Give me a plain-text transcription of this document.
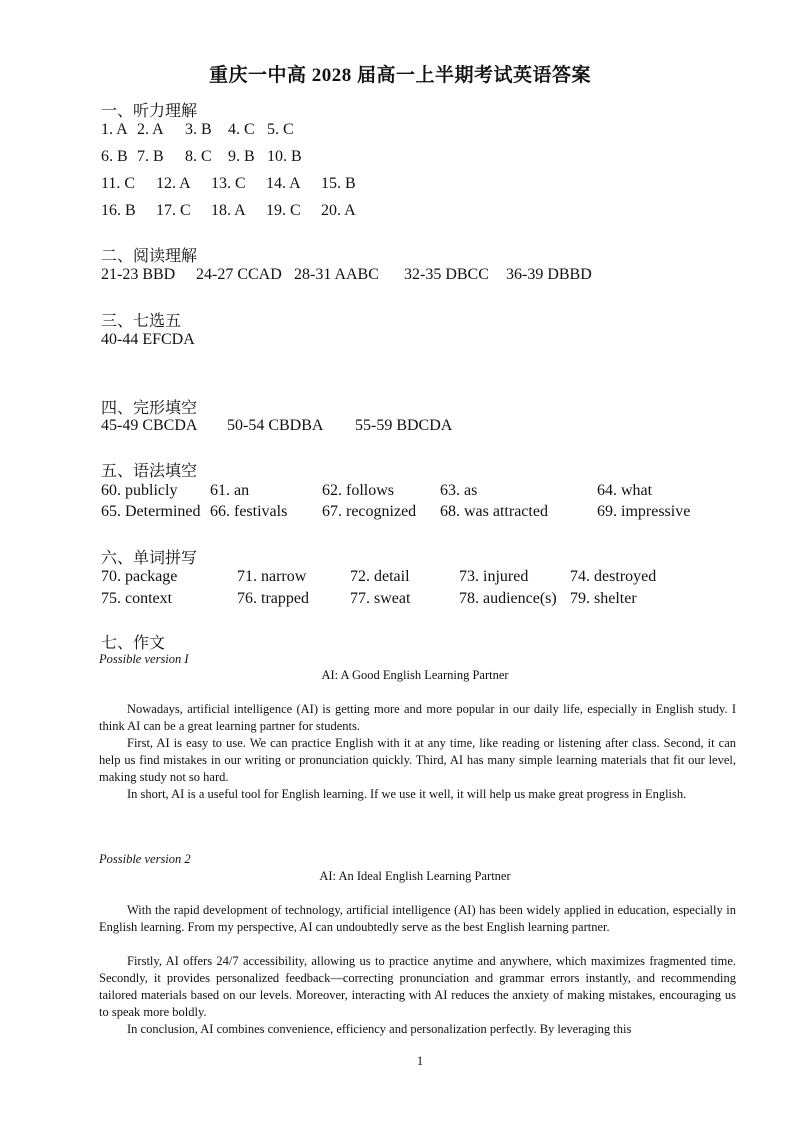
重庆一中高 2028 届高一上半期考试英语答案
一、听力理解
1. A 2. A 3. B 4. C 5. C
6. B 7. B 8. C 9. B 10. B
11. C 12. A 13. C 14. A 15. B
16. B 17. C 18. A 19. C 20. A
二、阅读理解
21-23 BBD 24-27 CCAD 28-31 AABC 32-35 DBCC 36-39 DBBD
三、七选五
40-44 EFCDA
四、完形填空
45-49 CBCDA 50-54 CBDBA 55-59 BDCDA
五、语法填空
60. publicly 61. an	62. follows	63. as	64. what
65. Determined 66. festivals 67. recognized 68. was attracted	69. impressive
六、单词拼写
70. package	71. narrow	72. detail	73. injured	74. destroyed
75. context	76. trapped	77. sweat	78. audience(s) 79. shelter
七、作文
Possible version I
AI: A Good English Learning Partner

Nowadays, artificial intelligence (AI) is getting more and more popular in our daily life, especially in English study. I think AI can be a great learning partner for students.

First, AI is easy to use. We can practice English with it at any time, like reading or listening after class. Second, it can help us find mistakes in our writing or pronunciation quickly. Third, AI has many simple learning materials that fit our level, making study not so hard.

In short, AI is a useful tool for English learning. If we use it well, it will help us make great progress in English.

Possible version 2
AI: An Ideal English Learning Partner

With the rapid development of technology, artificial intelligence (AI) has been widely applied in education, especially in English learning. From my perspective, AI can undoubtedly serve as the best English learning partner.

Firstly, AI offers 24/7 accessibility, allowing us to practice anytime and anywhere, which maximizes fragmented time. Secondly, it provides personalized feedback—correcting pronunciation and grammar errors instantly, and recommending tailored materials based on our levels. Moreover, interacting with AI reduces the anxiety of making mistakes, encouraging us to speak more boldly.

In conclusion, AI combines convenience, efficiency and personalization perfectly. By leveraging this

1
